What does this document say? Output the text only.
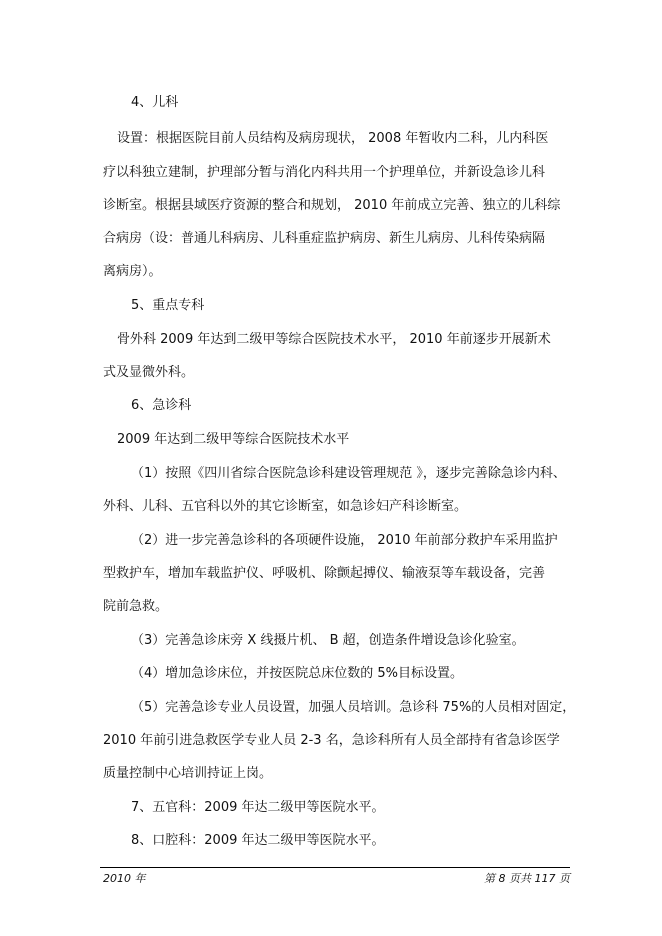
4、儿科
设置：根据医院目前人员结构及病房现状， 2008 年暂收内二科，儿内科医
疗以科独立建制，护理部分暂与消化内科共用一个护理单位，并新设急诊儿科
诊断室。根据县域医疗资源的整合和规划， 2010 年前成立完善、独立的儿科综
合病房（设：普通儿科病房、儿科重症监护病房、新生儿病房、儿科传染病隔
离病房）。
5、重点专科
骨外科 2009 年达到二级甲等综合医院技术水平， 2010 年前逐步开展新术
式及显微外科。
6、急诊科
2009 年达到二级甲等综合医院技术水平
（1）按照《四川省综合医院急诊科建设管理规范 》，逐步完善除急诊内科、
外科、儿科、五官科以外的其它诊断室，如急诊妇产科诊断室。
（2）进一步完善急诊科的各项硬件设施， 2010 年前部分救护车采用监护
型救护车，增加车载监护仪、呼吸机、除颤起搏仪、输液泵等车载设备，完善
院前急救。
（3）完善急诊床旁 X 线摄片机、 B 超，创造条件增设急诊化验室。
（4）增加急诊床位，并按医院总床位数的 5%目标设置。
（5）完善急诊专业人员设置，加强人员培训。急诊科 75%的人员相对固定，
2010 年前引进急救医学专业人员 2-3 名，急诊科所有人员全部持有省急诊医学
质量控制中心培训持证上岗。
7、五官科：2009 年达二级甲等医院水平。
8、口腔科：2009 年达二级甲等医院水平。
2010 年	第 8 页共 117 页
